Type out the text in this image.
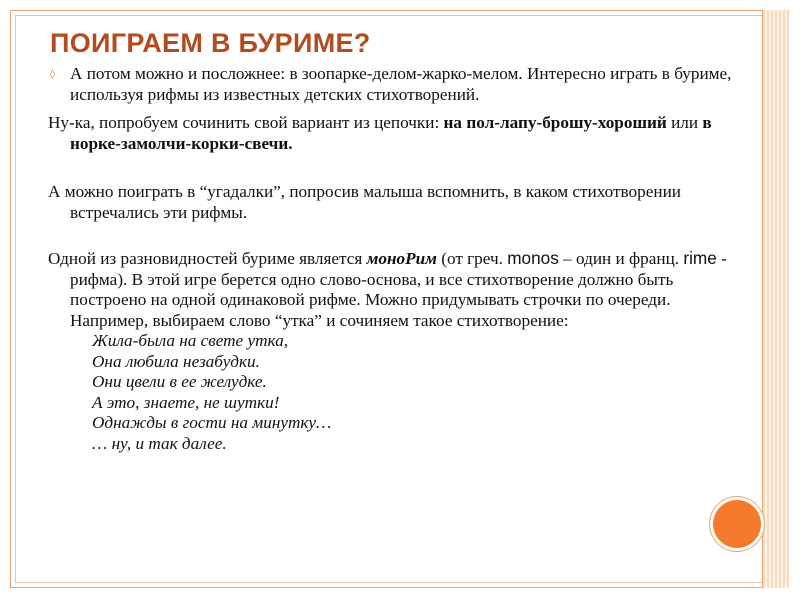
ПОИГРАЕМ В БУРИМЕ?

◊ А потом можно и посложнее: в зоопарке-делом-жарко-мелом. Интересно играть в буриме, используя рифмы из известных детских стихотворений.

Ну-ка, попробуем сочинить свой вариант из цепочки: на пол-лапу-брошу-хороший или в норке-замолчи-корки-свечи.

А можно поиграть в “угадалки”, попросив малыша вспомнить, в каком стихотворении встречались эти рифмы.

Одной из разновидностей буриме является моноРим (от греч. monos – один и франц. rime - рифма). В этой игре берется одно слово-основа, и все стихотворение должно быть построено на одной одинаковой рифме. Можно придумывать строчки по очереди. Например, выбираем слово “утка” и сочиняем такое стихотворение:
Жила-была на свете утка,
Она любила незабудки.
Они цвели в ее желудке.
А это, знаете, не шутки!
Однажды в гости на минутку…
… ну, и так далее.
